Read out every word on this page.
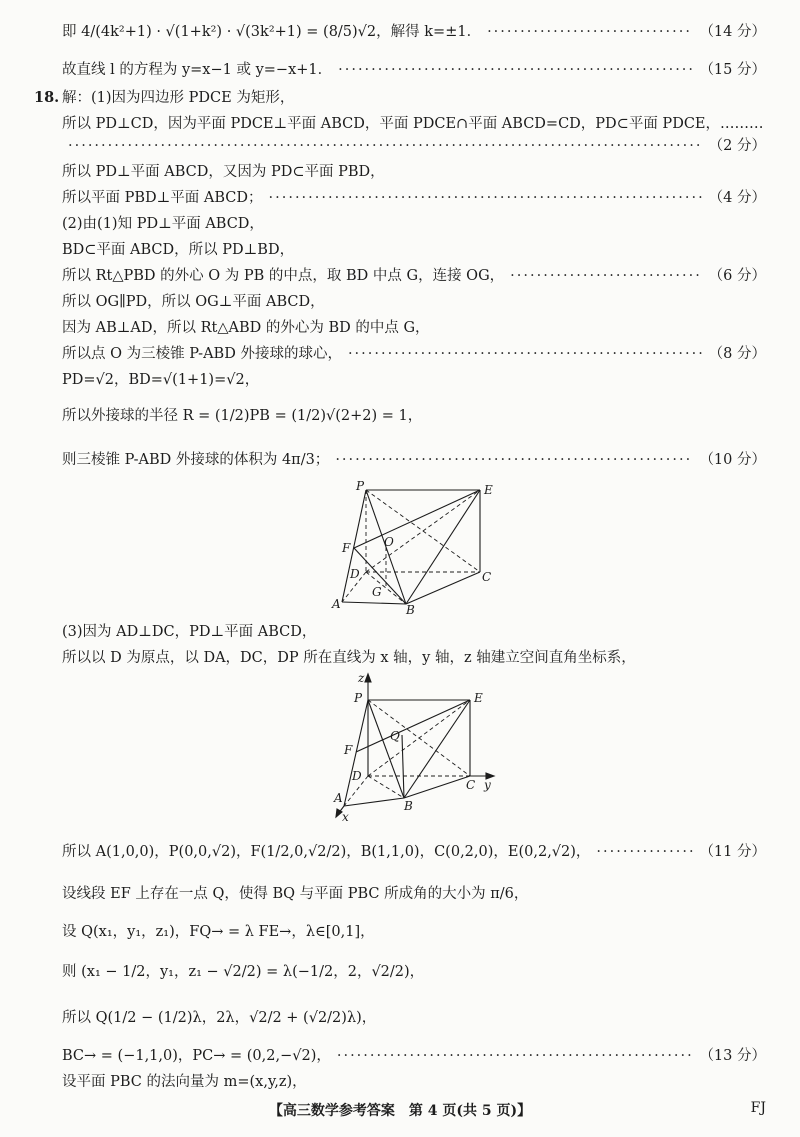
即 4/(4k²+1) · √(1+k²) · √(3k²+1) = (8/5)√2，解得 k=±1． ·····	（14 分）
故直线 l 的方程为 y=x−1 或 y=−x+1． ·····	（15 分）
18. 解：(1)因为四边形 PDCE 为矩形，
所以 PD⊥CD，因为平面 PDCE⊥平面 ABCD，平面 PDCE∩平面 ABCD=CD，PD⊂平面 PDCE，………
·····
（2 分）
所以 PD⊥平面 ABCD，又因为 PD⊂平面 PBD，
所以平面 PBD⊥平面 ABCD； ·····	（4 分）
(2)由(1)知 PD⊥平面 ABCD，
BD⊂平面 ABCD，所以 PD⊥BD，
所以 Rt△PBD 的外心 O 为 PB 的中点，取 BD 中点 G，连接 OG， ·····	（6 分）
所以 OG∥PD，所以 OG⊥平面 ABCD，
因为 AB⊥AD，所以 Rt△ABD 的外心为 BD 的中点 G，
所以点 O 为三棱锥 P-ABD 外接球的球心， ·····	（8 分）
PD=√2，BD=√(1+1)=√2，
所以外接球的半径 R = (1/2)PB = (1/2)√(2+2) = 1，
则三棱锥 P-ABD 外接球的体积为 4π/3； ·····	（10 分）
P	E
F	O
D
G
C
A	B
(3)因为 AD⊥DC，PD⊥平面 ABCD，
所以以 D 为原点，以 DA，DC，DP 所在直线为 x 轴，y 轴，z 轴建立空间直角坐标系，
z
P	E
F
Q
D
C y
A
B
x
所以 A(1,0,0)，P(0,0,√2)，F(1/2,0,√2/2)，B(1,1,0)，C(0,2,0)，E(0,2,√2)， ·····	（11 分）
设线段 EF 上存在一点 Q，使得 BQ 与平面 PBC 所成角的大小为 π/6，
设 Q(x₁，y₁，z₁)，FQ→ = λ FE→，λ∈[0,1]，
则 (x₁ − 1/2，y₁，z₁ − √2/2) = λ(−1/2，2，√2/2)，
所以 Q(1/2 − (1/2)λ，2λ，√2/2 + (√2/2)λ)，
BC→ = (−1,1,0)，PC→ = (0,2,−√2)， ·····	（13 分）
设平面 PBC 的法向量为 m=(x,y,z)，
【高三数学参考答案　第 4 页(共 5 页)】	FJ
